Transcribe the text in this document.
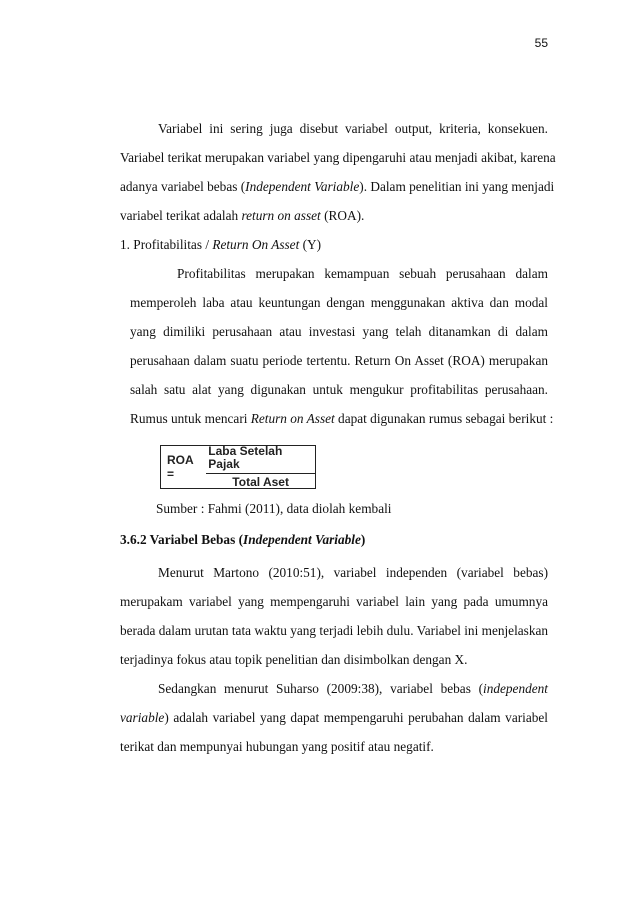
55
Variabel ini sering juga disebut variabel output, kriteria, konsekuen.
Variabel terikat merupakan variabel yang dipengaruhi atau menjadi akibat, karena
adanya variabel bebas (Independent Variable). Dalam penelitian ini yang menjadi
variabel terikat adalah return on asset (ROA).
1. Profitabilitas / Return On Asset (Y)
Profitabilitas merupakan kemampuan sebuah perusahaan dalam
memperoleh laba atau keuntungan dengan menggunakan aktiva dan modal
yang dimiliki perusahaan atau investasi yang telah ditanamkan di dalam
perusahaan dalam suatu periode tertentu. Return On Asset (ROA) merupakan
salah satu alat yang digunakan untuk mengukur profitabilitas perusahaan.
Rumus untuk mencari Return on Asset dapat digunakan rumus sebagai berikut :
ROA =	$\frac{\text{Laba Setelah Pajak}}{\text{Total Aset}}$
Sumber : Fahmi (2011), data diolah kembali
3.6.2 Variabel Bebas (Independent Variable)
Menurut Martono (2010:51), variabel independen (variabel bebas)
merupakam variabel yang mempengaruhi variabel lain yang pada umumnya
berada dalam urutan tata waktu yang terjadi lebih dulu. Variabel ini menjelaskan
terjadinya fokus atau topik penelitian dan disimbolkan dengan X.
Sedangkan menurut Suharso (2009:38), variabel bebas (independent
variable) adalah variabel yang dapat mempengaruhi perubahan dalam variabel
terikat dan mempunyai hubungan yang positif atau negatif.
